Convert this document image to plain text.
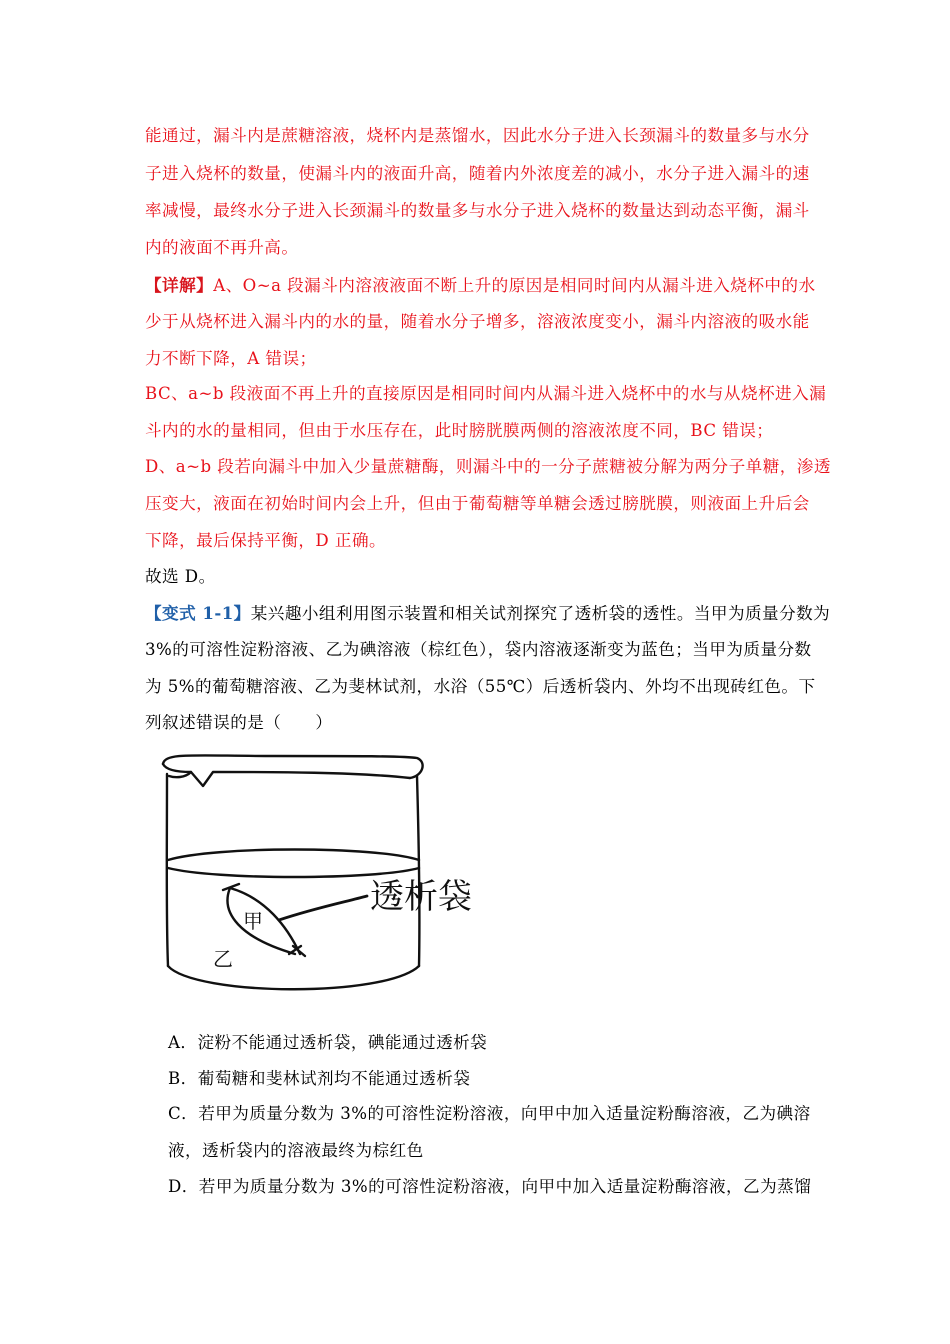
能通过，漏斗内是蔗糖溶液，烧杯内是蒸馏水，因此水分子进入长颈漏斗的数量多与水分
子进入烧杯的数量，使漏斗内的液面升高，随着内外浓度差的减小，水分子进入漏斗的速
率减慢，最终水分子进入长颈漏斗的数量多与水分子进入烧杯的数量达到动态平衡，漏斗
内的液面不再升高。
【详解】A、O~a 段漏斗内溶液液面不断上升的原因是相同时间内从漏斗进入烧杯中的水
少于从烧杯进入漏斗内的水的量，随着水分子增多，溶液浓度变小，漏斗内溶液的吸水能
力不断下降，A 错误；
BC、a~b 段液面不再上升的直接原因是相同时间内从漏斗进入烧杯中的水与从烧杯进入漏
斗内的水的量相同，但由于水压存在，此时膀胱膜两侧的溶液浓度不同，BC 错误；
D、a~b 段若向漏斗中加入少量蔗糖酶，则漏斗中的一分子蔗糖被分解为两分子单糖，渗透
压变大，液面在初始时间内会上升，但由于葡萄糖等单糖会透过膀胱膜，则液面上升后会
下降，最后保持平衡，D 正确。
故选 D。
【变式 1-1】某兴趣小组利用图示装置和相关试剂探究了透析袋的透性。当甲为质量分数为
3%的可溶性淀粉溶液、乙为碘溶液（棕红色），袋内溶液逐渐变为蓝色；当甲为质量分数
为 5%的葡萄糖溶液、乙为斐林试剂，水浴（55℃）后透析袋内、外均不出现砖红色。下
列叙述错误的是（　　）
甲
乙
透析袋
A．淀粉不能通过透析袋，碘能通过透析袋
B．葡萄糖和斐林试剂均不能通过透析袋
C．若甲为质量分数为 3%的可溶性淀粉溶液，向甲中加入适量淀粉酶溶液，乙为碘溶
液，透析袋内的溶液最终为棕红色
D．若甲为质量分数为 3%的可溶性淀粉溶液，向甲中加入适量淀粉酶溶液，乙为蒸馏
